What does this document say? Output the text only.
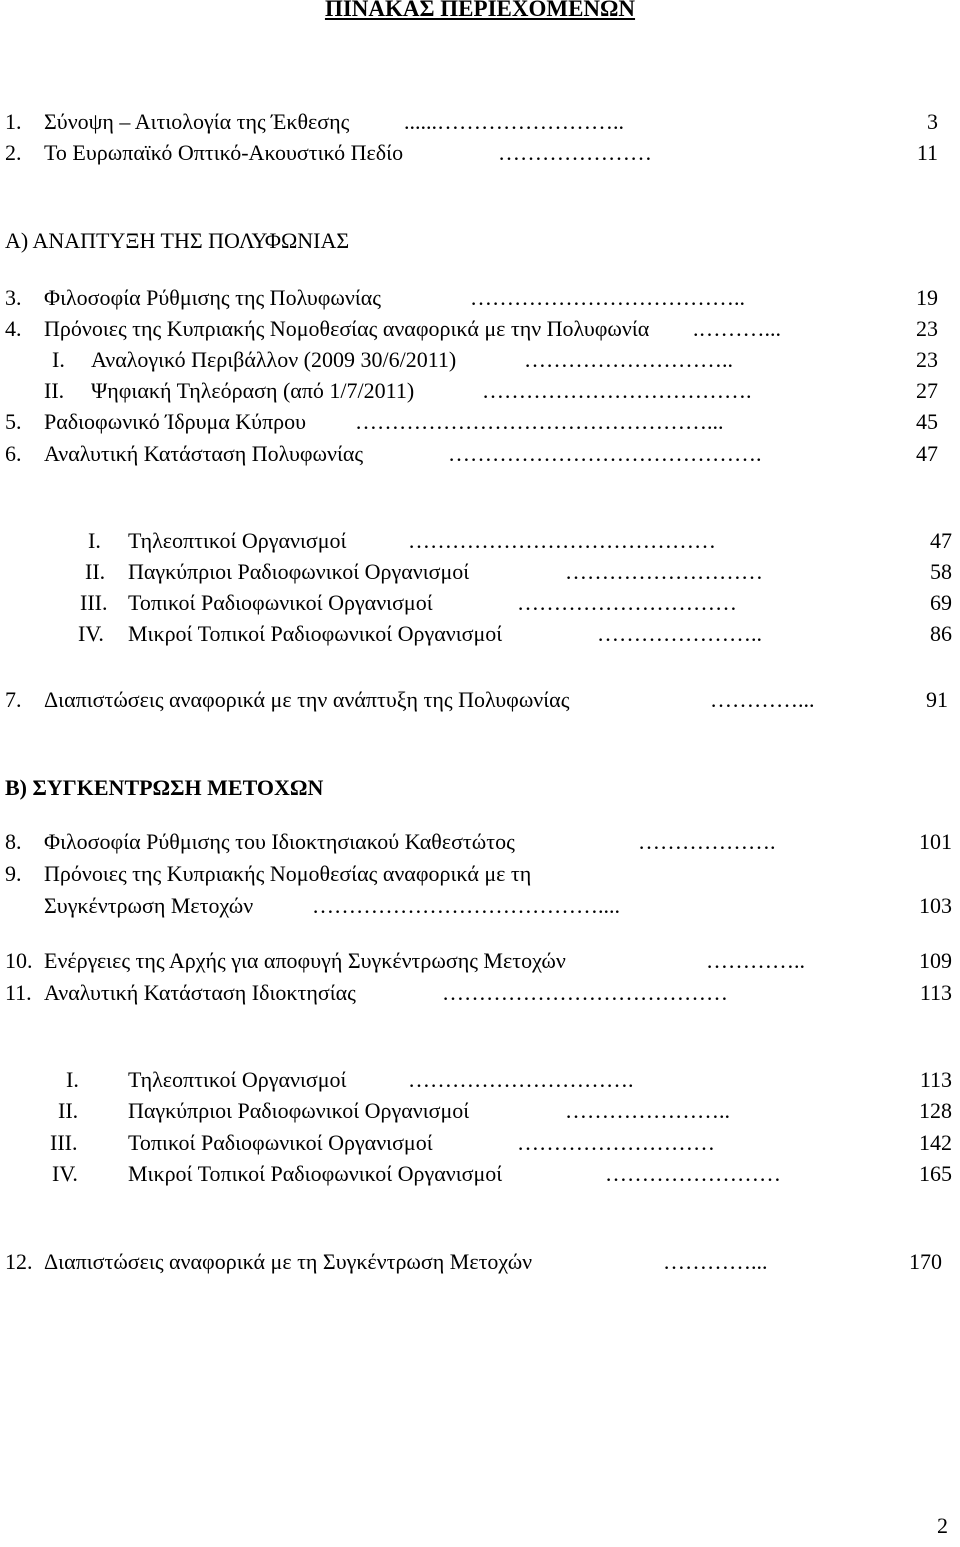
ΠΙΝΑΚΑΣ ΠΕΡΙΕΧΟΜΕΝΩΝ
1. Σύνοψη – Αιτιολογία της Έκθεσης ......……………………..	3
2. Το Ευρωπαϊκό Οπτικό-Ακουστικό Πεδίο	…………………	11
Α) ΑΝΑΠΤΥΞΗ ΤΗΣ ΠΟΛΥΦΩΝΙΑΣ
3. Φιλοσοφία Ρύθμισης της Πολυφωνίας	………………………………..	19
4. Πρόνοιες της Κυπριακής Νομοθεσίας αναφορικά με την Πολυφωνία .………...	23
Ι. Αναλογικό Περιβάλλον (2009 30/6/2011)	………………………..	23
ΙΙ. Ψηφιακή Τηλεόραση (από 1/7/2011)	……………………………….	27
5. Ραδιοφωνικό Ίδρυμα Κύπρου …………………………………………...	45
6. Αναλυτική Κατάσταση Πολυφωνίας	…………………………………….	47
I. Τηλεοπτικοί Οργανισμοί	……………………………………	47
II. Παγκύπριοι Ραδιοφωνικοί Οργανισμοί	………………………	58
III. Τοπικοί Ραδιοφωνικοί Οργανισμοί	…………………………	69
IV. Μικροί Τοπικοί Ραδιοφωνικοί Οργανισμοί	…………………..	86
7. Διαπιστώσεις αναφορικά με την ανάπτυξη της Πολυφωνίας	…………...	91
Β) ΣΥΓΚΕΝΤΡΩΣΗ ΜΕΤΟΧΩΝ
8. Φιλοσοφία Ρύθμισης του Ιδιοκτησιακού Καθεστώτος	……………….	101
9. Πρόνοιες της Κυπριακής Νομοθεσίας αναφορικά με τη
Συγκέντρωση Μετοχών	…………………………………....	103
10. Ενέργειες της Αρχής για αποφυγή Συγκέντρωσης Μετοχών	…………..	109
11. Αναλυτική Κατάσταση Ιδιοκτησίας	…………………………………	113
I. Τηλεοπτικοί Οργανισμοί	………………………….	113
II. Παγκύπριοι Ραδιοφωνικοί Οργανισμοί	…………………..	128
III. Τοπικοί Ραδιοφωνικοί Οργανισμοί	………………………	142
IV. Μικροί Τοπικοί Ραδιοφωνικοί Οργανισμοί	……………………	165
12. Διαπιστώσεις αναφορικά με τη Συγκέντρωση Μετοχών	…………...	170
2
